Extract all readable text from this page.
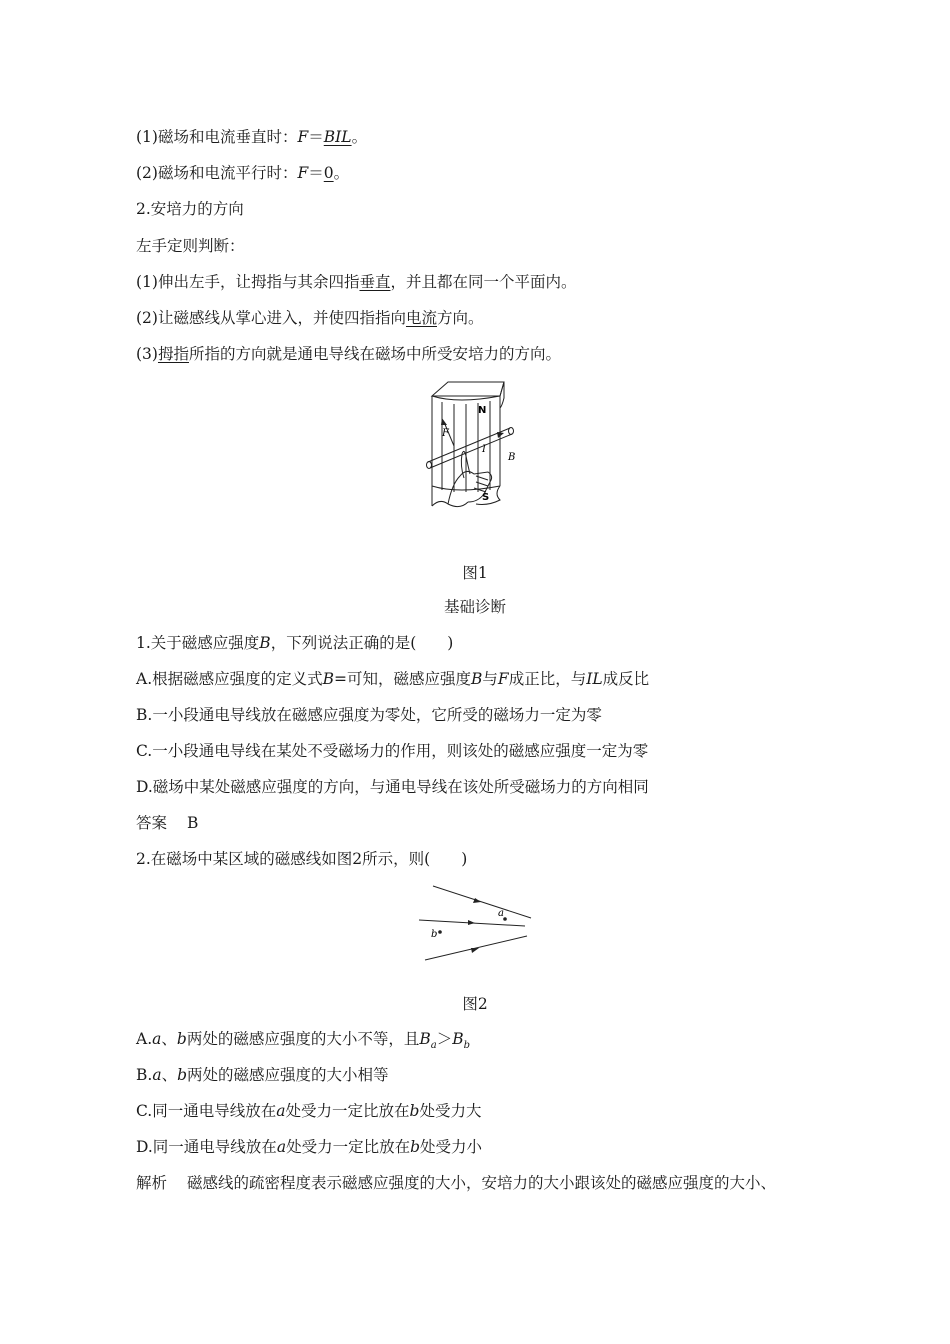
(1)磁场和电流垂直时：F＝BIL。
(2)磁场和电流平行时：F＝0。
2.安培力的方向
左手定则判断：
(1)伸出左手，让拇指与其余四指垂直，并且都在同一个平面内。
(2)让磁感线从掌心进入，并使四指指向电流方向。
(3)拇指所指的方向就是通电导线在磁场中所受安培力的方向。
N
S
F
I
B
图1
基础诊断
1.关于磁感应强度B，下列说法正确的是(　　)
A.根据磁感应强度的定义式B=可知，磁感应强度B与F成正比，与IL成反比
B.一小段通电导线放在磁感应强度为零处，它所受的磁场力一定为零
C.一小段通电导线在某处不受磁场力的作用，则该处的磁感应强度一定为零
D.磁场中某处磁感应强度的方向，与通电导线在该处所受磁场力的方向相同
答案 B
2.在磁场中某区域的磁感线如图2所示，则(　　)
a
b
图2
A.a、b两处的磁感应强度的大小不等，且$B_a>B_b$
B.a、b两处的磁感应强度的大小相等
C.同一通电导线放在a处受力一定比放在b处受力大
D.同一通电导线放在a处受力一定比放在b处受力小
解析 磁感线的疏密程度表示磁感应强度的大小，安培力的大小跟该处的磁感应强度的大小、
